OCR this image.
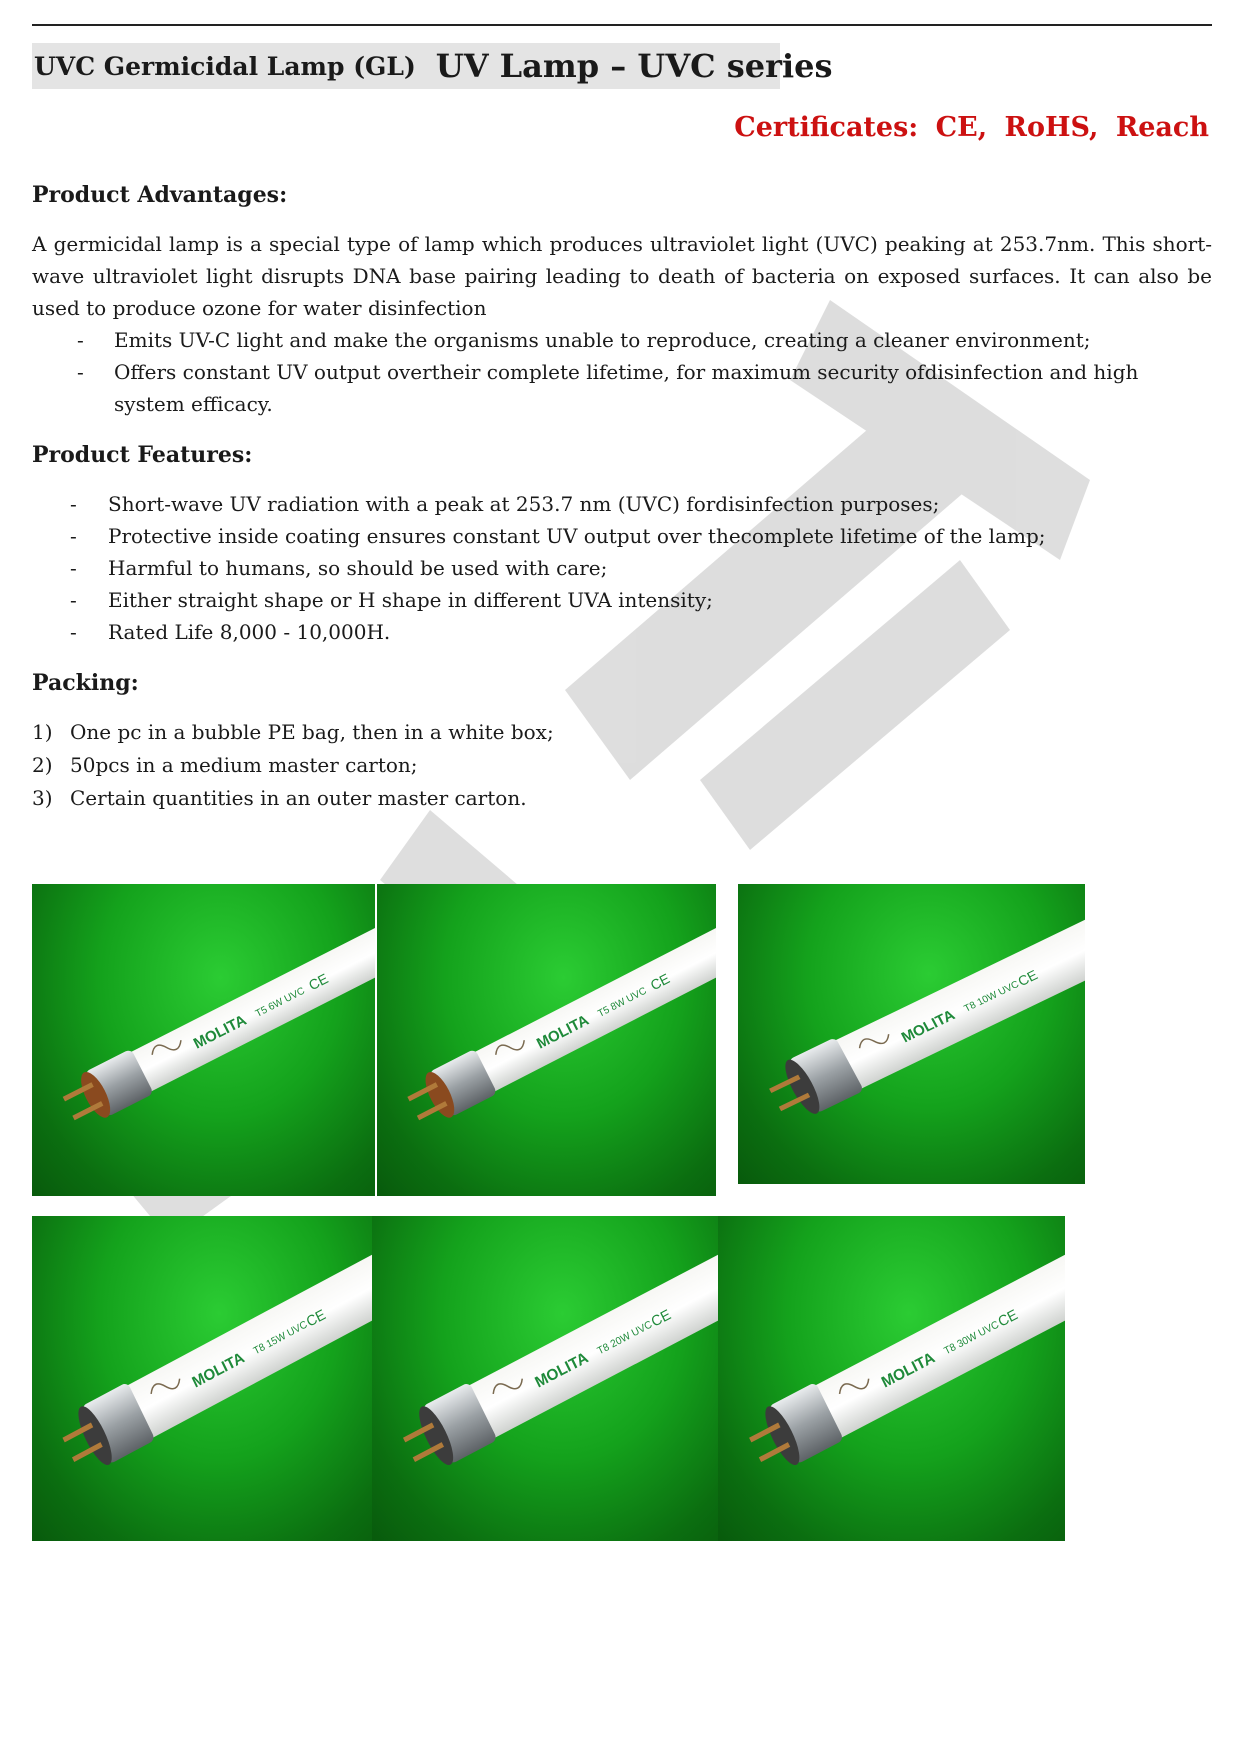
UVC Germicidal Lamp (GL) UV Lamp – UVC series
Certificates: CE, RoHS, Reach
Product Advantages:

A germicidal lamp is a special type of lamp which produces ultraviolet light (UVC) peaking at 253.7nm. This short-wave ultraviolet light disrupts DNA base pairing leading to death of bacteria on exposed surfaces. It can also be used to produce ozone for water disinfection

- Emits UV-C light and make the organisms unable to reproduce, creating a cleaner environment;
- Offers constant UV output overtheir complete lifetime, for maximum security ofdisinfection and high system efficacy.
Product Features:
- Short-wave UV radiation with a peak at 253.7 nm (UVC) fordisinfection purposes;
- Protective inside coating ensures constant UV output over thecomplete lifetime of the lamp;
- Harmful to humans, so should be used with care;
- Either straight shape or H shape in different UVA intensity;
- Rated Life 8,000 - 10,000H.
Packing:
1) One pc in a bubble PE bag, then in a white box;
2) 50pcs in a medium master carton;
3) Certain quantities in an outer master carton.
MOLITA
T5 6W UVC
CE
MOLITA
T5 8W UVC
CE
MOLITA
T8 10W UVC
CE
MOLITA
T8 15W UVC
CE
MOLITA
T8 20W UVC
CE
MOLITA
T8 30W UVC
CE
